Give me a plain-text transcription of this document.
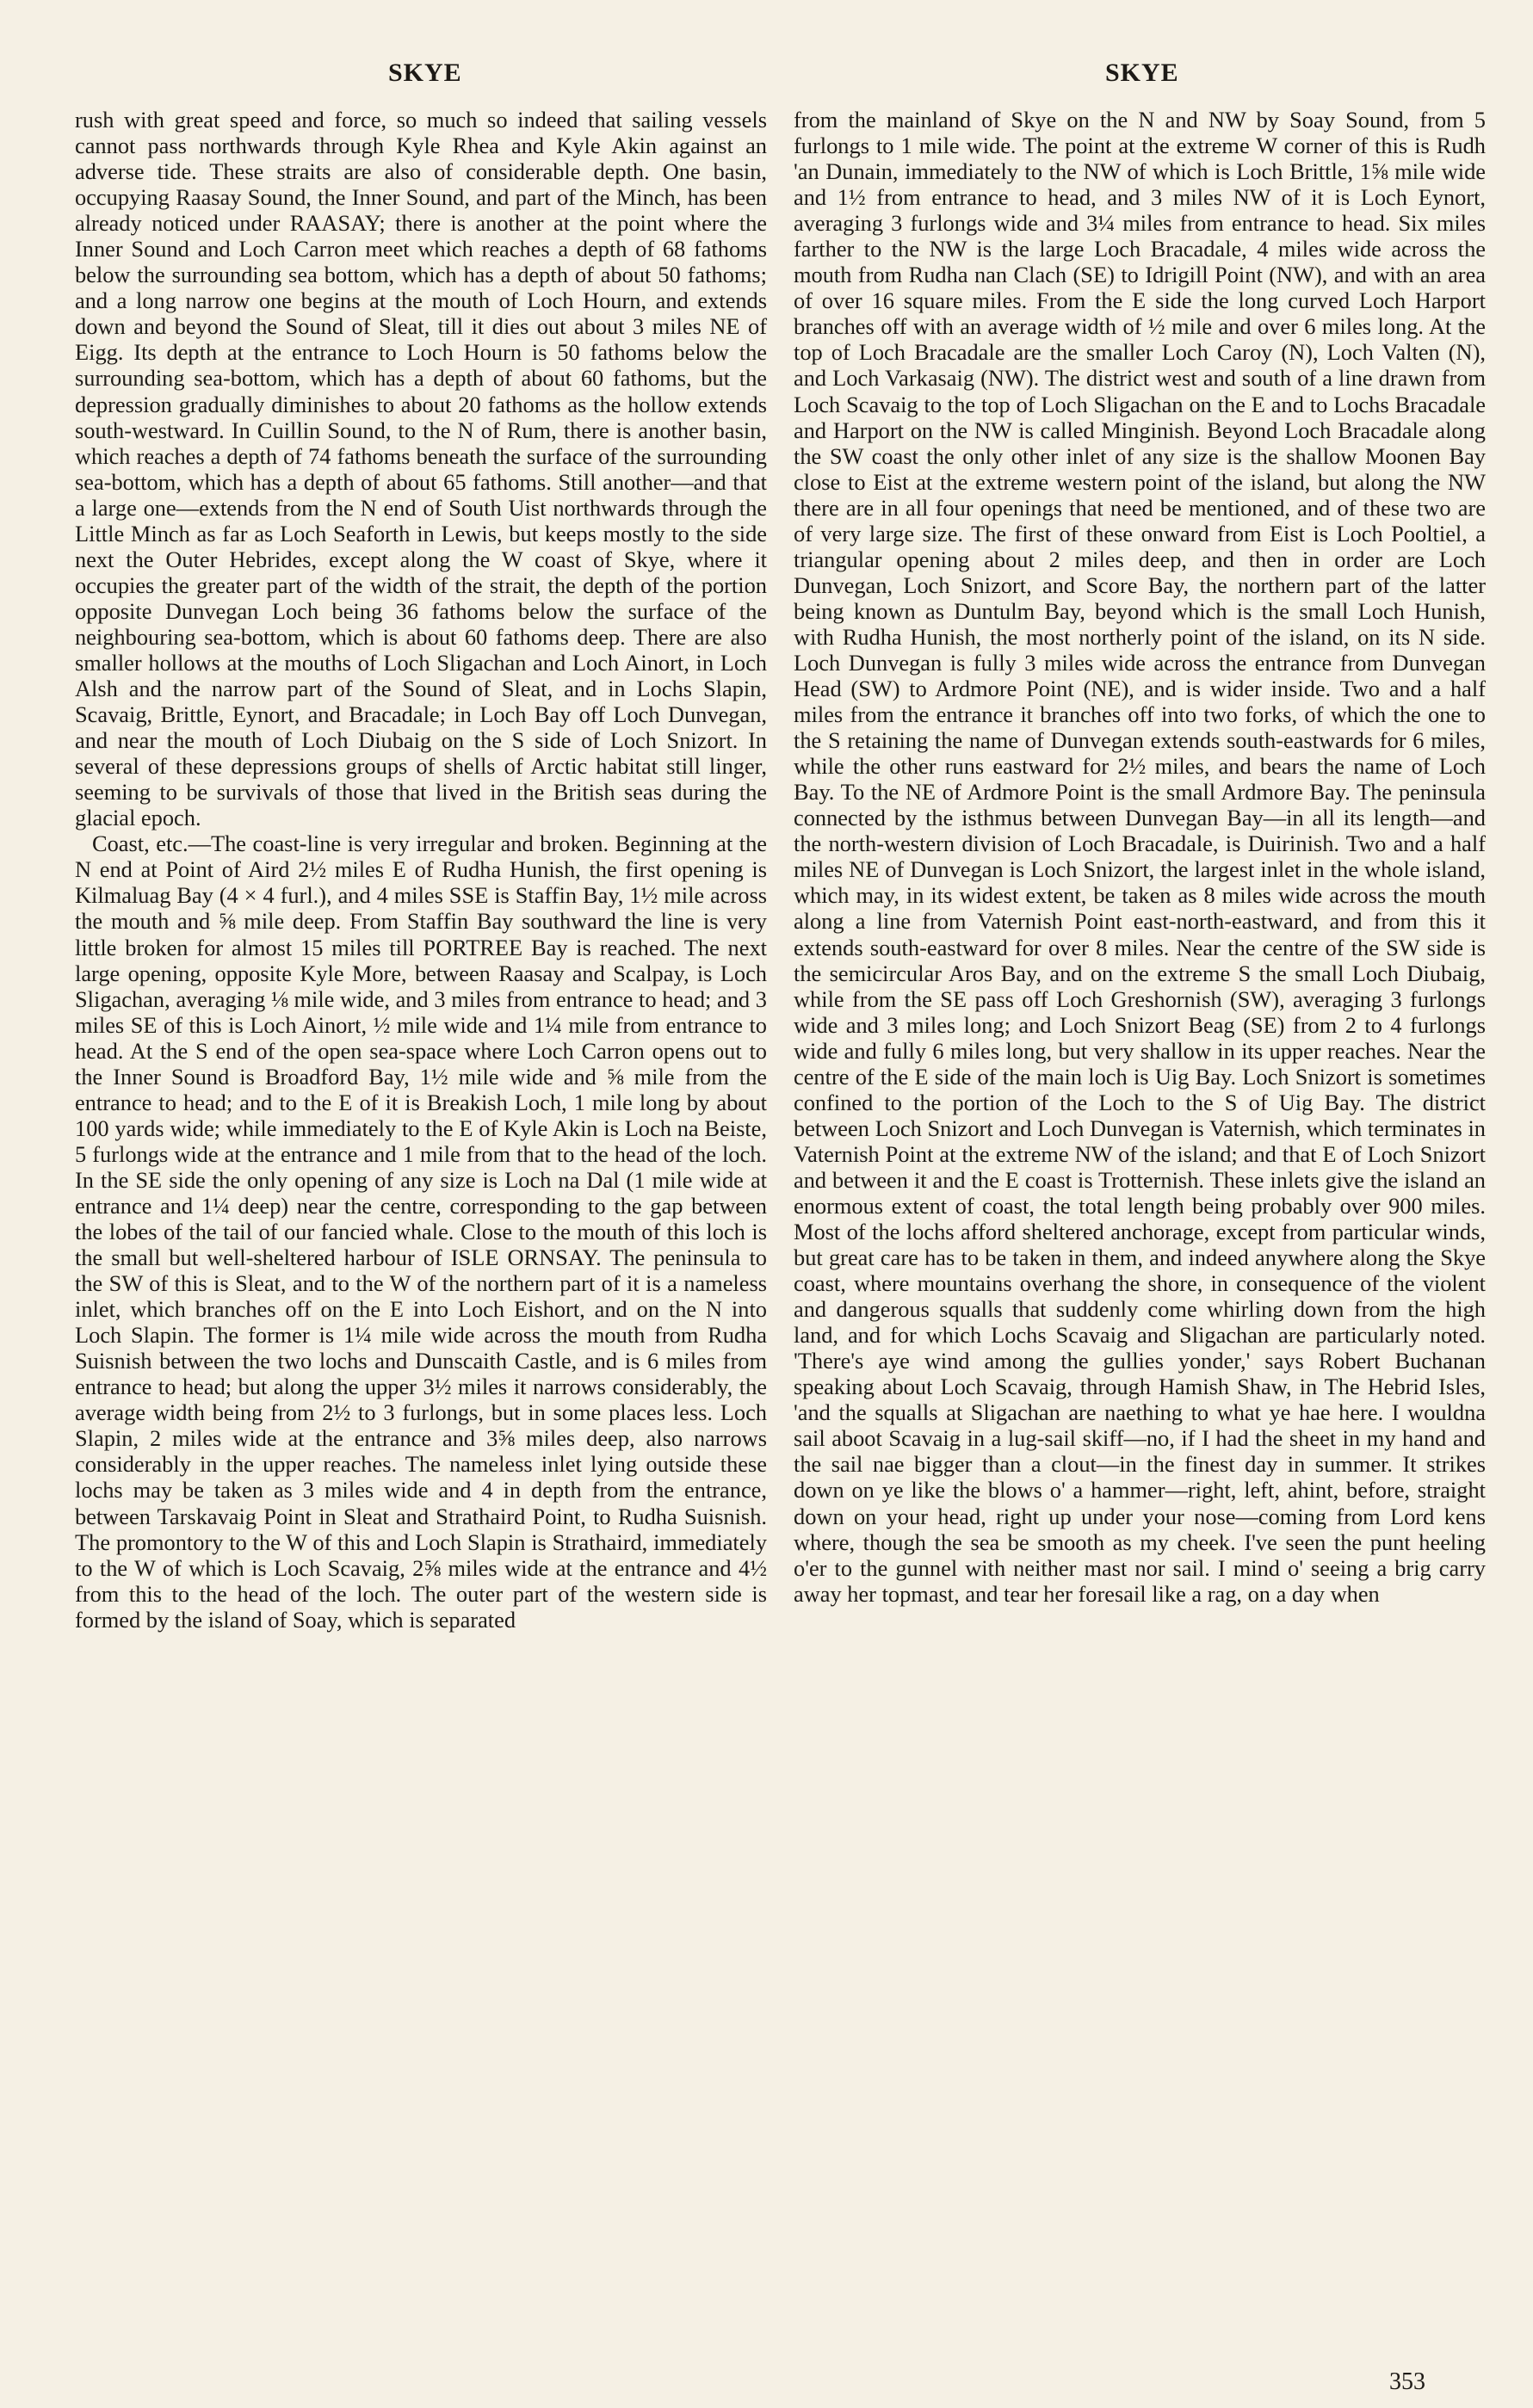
SKYE	SKYE

rush with great speed and force, so much so indeed that sailing vessels cannot pass northwards through Kyle Rhea and Kyle Akin against an adverse tide. These straits are also of considerable depth. One basin, occupying Raasay Sound, the Inner Sound, and part of the Minch, has been already noticed under RAASAY; there is another at the point where the Inner Sound and Loch Carron meet which reaches a depth of 68 fathoms below the surrounding sea bottom, which has a depth of about 50 fathoms; and a long narrow one begins at the mouth of Loch Hourn, and extends down and beyond the Sound of Sleat, till it dies out about 3 miles NE of Eigg. Its depth at the entrance to Loch Hourn is 50 fathoms below the surrounding sea-bottom, which has a depth of about 60 fathoms, but the depression gradually diminishes to about 20 fathoms as the hollow extends south-westward. In Cuillin Sound, to the N of Rum, there is another basin, which reaches a depth of 74 fathoms beneath the surface of the surrounding sea-bottom, which has a depth of about 65 fathoms. Still another—and that a large one—extends from the N end of South Uist northwards through the Little Minch as far as Loch Seaforth in Lewis, but keeps mostly to the side next the Outer Hebrides, except along the W coast of Skye, where it occupies the greater part of the width of the strait, the depth of the portion opposite Dunvegan Loch being 36 fathoms below the surface of the neighbouring sea-bottom, which is about 60 fathoms deep. There are also smaller hollows at the mouths of Loch Sligachan and Loch Ainort, in Loch Alsh and the narrow part of the Sound of Sleat, and in Lochs Slapin, Scavaig, Brittle, Eynort, and Bracadale; in Loch Bay off Loch Dunvegan, and near the mouth of Loch Diubaig on the S side of Loch Snizort. In several of these depressions groups of shells of Arctic habitat still linger, seeming to be survivals of those that lived in the British seas during the glacial epoch.

Coast, etc.—The coast-line is very irregular and broken. Beginning at the N end at Point of Aird 2½ miles E of Rudha Hunish, the first opening is Kilmaluag Bay (4 × 4 furl.), and 4 miles SSE is Staffin Bay, 1½ mile across the mouth and ⅝ mile deep. From Staffin Bay southward the line is very little broken for almost 15 miles till PORTREE Bay is reached. The next large opening, opposite Kyle More, between Raasay and Scalpay, is Loch Sligachan, averaging ⅛ mile wide, and 3 miles from entrance to head; and 3 miles SE of this is Loch Ainort, ½ mile wide and 1¼ mile from entrance to head. At the S end of the open sea-space where Loch Carron opens out to the Inner Sound is Broadford Bay, 1½ mile wide and ⅝ mile from the entrance to head; and to the E of it is Breakish Loch, 1 mile long by about 100 yards wide; while immediately to the E of Kyle Akin is Loch na Beiste, 5 furlongs wide at the entrance and 1 mile from that to the head of the loch. In the SE side the only opening of any size is Loch na Dal (1 mile wide at entrance and 1¼ deep) near the centre, corresponding to the gap between the lobes of the tail of our fancied whale. Close to the mouth of this loch is the small but well-sheltered harbour of ISLE ORNSAY. The peninsula to the SW of this is Sleat, and to the W of the northern part of it is a nameless inlet, which branches off on the E into Loch Eishort, and on the N into Loch Slapin. The former is 1¼ mile wide across the mouth from Rudha Suisnish between the two lochs and Dunscaith Castle, and is 6 miles from entrance to head; but along the upper 3½ miles it narrows considerably, the average width being from 2½ to 3 furlongs, but in some places less. Loch Slapin, 2 miles wide at the entrance and 3⅝ miles deep, also narrows considerably in the upper reaches. The nameless inlet lying outside these lochs may be taken as 3 miles wide and 4 in depth from the entrance, between Tarskavaig Point in Sleat and Strathaird Point, to Rudha Suisnish. The promontory to the W of this and Loch Slapin is Strathaird, immediately to the W of which is Loch Scavaig, 2⅝ miles wide at the entrance and 4½ from this to the head of the loch. The outer part of the western side is formed by the island of Soay, which is separated

from the mainland of Skye on the N and NW by Soay Sound, from 5 furlongs to 1 mile wide. The point at the extreme W corner of this is Rudh 'an Dunain, immediately to the NW of which is Loch Brittle, 1⅝ mile wide and 1½ from entrance to head, and 3 miles NW of it is Loch Eynort, averaging 3 furlongs wide and 3¼ miles from entrance to head. Six miles farther to the NW is the large Loch Bracadale, 4 miles wide across the mouth from Rudha nan Clach (SE) to Idrigill Point (NW), and with an area of over 16 square miles. From the E side the long curved Loch Harport branches off with an average width of ½ mile and over 6 miles long. At the top of Loch Bracadale are the smaller Loch Caroy (N), Loch Valten (N), and Loch Varkasaig (NW). The district west and south of a line drawn from Loch Scavaig to the top of Loch Sligachan on the E and to Lochs Bracadale and Harport on the NW is called Minginish. Beyond Loch Bracadale along the SW coast the only other inlet of any size is the shallow Moonen Bay close to Eist at the extreme western point of the island, but along the NW there are in all four openings that need be mentioned, and of these two are of very large size. The first of these onward from Eist is Loch Pooltiel, a triangular opening about 2 miles deep, and then in order are Loch Dunvegan, Loch Snizort, and Score Bay, the northern part of the latter being known as Duntulm Bay, beyond which is the small Loch Hunish, with Rudha Hunish, the most northerly point of the island, on its N side. Loch Dunvegan is fully 3 miles wide across the entrance from Dunvegan Head (SW) to Ardmore Point (NE), and is wider inside. Two and a half miles from the entrance it branches off into two forks, of which the one to the S retaining the name of Dunvegan extends south-eastwards for 6 miles, while the other runs eastward for 2½ miles, and bears the name of Loch Bay. To the NE of Ardmore Point is the small Ardmore Bay. The peninsula connected by the isthmus between Dunvegan Bay—in all its length—and the north-western division of Loch Bracadale, is Duirinish. Two and a half miles NE of Dunvegan is Loch Snizort, the largest inlet in the whole island, which may, in its widest extent, be taken as 8 miles wide across the mouth along a line from Vaternish Point east-north-eastward, and from this it extends south-eastward for over 8 miles. Near the centre of the SW side is the semicircular Aros Bay, and on the extreme S the small Loch Diubaig, while from the SE pass off Loch Greshornish (SW), averaging 3 furlongs wide and 3 miles long; and Loch Snizort Beag (SE) from 2 to 4 furlongs wide and fully 6 miles long, but very shallow in its upper reaches. Near the centre of the E side of the main loch is Uig Bay. Loch Snizort is sometimes confined to the portion of the Loch to the S of Uig Bay. The district between Loch Snizort and Loch Dunvegan is Vaternish, which terminates in Vaternish Point at the extreme NW of the island; and that E of Loch Snizort and between it and the E coast is Trotternish. These inlets give the island an enormous extent of coast, the total length being probably over 900 miles. Most of the lochs afford sheltered anchorage, except from particular winds, but great care has to be taken in them, and indeed anywhere along the Skye coast, where mountains overhang the shore, in consequence of the violent and dangerous squalls that suddenly come whirling down from the high land, and for which Lochs Scavaig and Sligachan are particularly noted. 'There's aye wind among the gullies yonder,' says Robert Buchanan speaking about Loch Scavaig, through Hamish Shaw, in The Hebrid Isles, 'and the squalls at Sligachan are naething to what ye hae here. I wouldna sail aboot Scavaig in a lug-sail skiff—no, if I had the sheet in my hand and the sail nae bigger than a clout—in the finest day in summer. It strikes down on ye like the blows o' a hammer—right, left, ahint, before, straight down on your head, right up under your nose—coming from Lord kens where, though the sea be smooth as my cheek. I've seen the punt heeling o'er to the gunnel with neither mast nor sail. I mind o' seeing a brig carry away her topmast, and tear her foresail like a rag, on a day when

353
